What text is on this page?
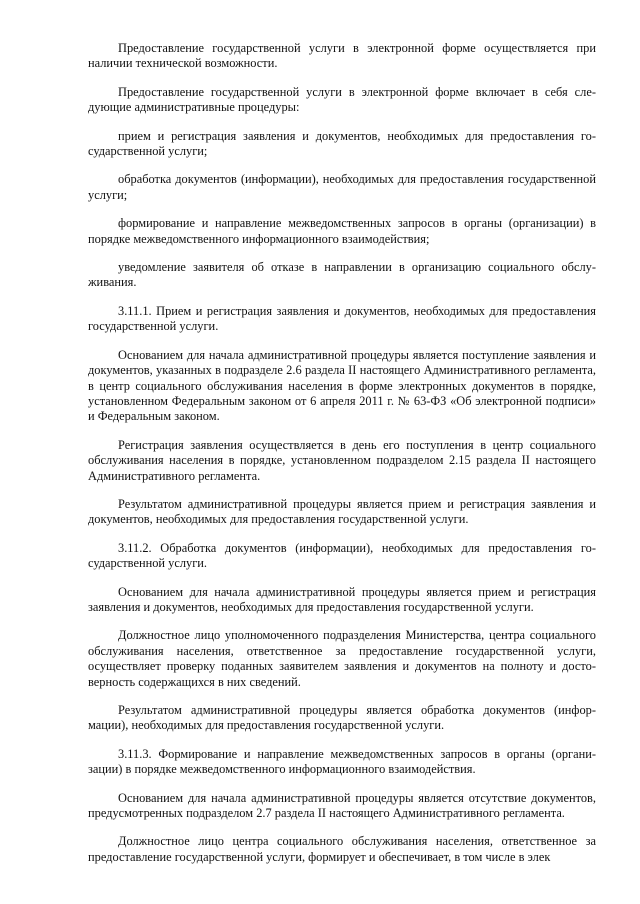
Предоставление государственной услуги в электронной форме осуществляется при наличии технической возможности.

Предоставление государственной услуги в электронной форме включает в себя следующие административные процедуры:

прием и регистрация заявления и документов, необходимых для предоставления государственной услуги;

обработка документов (информации), необходимых для предоставления государственной услуги;

формирование и направление межведомственных запросов в органы (организации) в порядке межведомственного информационного взаимодействия;

уведомление заявителя об отказе в направлении в организацию социального обслуживания.

3.11.1. Прием и регистрация заявления и документов, необходимых для предоставления государственной услуги.

Основанием для начала административной процедуры является поступление заявления и документов, указанных в подразделе 2.6 раздела II настоящего Административного регламента, в центр социального обслуживания населения в форме электронных документов в порядке, установленном Федеральным законом от 6 апреля 2011 г. № 63-ФЗ «Об электронной подписи» и Федеральным законом.

Регистрация заявления осуществляется в день его поступления в центр социального обслуживания населения в порядке, установленном подразделом 2.15 раздела II настоящего Административного регламента.

Результатом административной процедуры является прием и регистрация заявления и документов, необходимых для предоставления государственной услуги.

3.11.2. Обработка документов (информации), необходимых для предоставления государственной услуги.

Основанием для начала административной процедуры является прием и регистрация заявления и документов, необходимых для предоставления государственной услуги.

Должностное лицо уполномоченного подразделения Министерства, центра социального обслуживания населения, ответственное за предоставление государственной услуги, осуществляет проверку поданных заявителем заявления и документов на полноту и достоверность содержащихся в них сведений.

Результатом административной процедуры является обработка документов (информации), необходимых для предоставления государственной услуги.

3.11.3. Формирование и направление межведомственных запросов в органы (организации) в порядке межведомственного информационного взаимодействия.

Основанием для начала административной процедуры является отсутствие документов, предусмотренных подразделом 2.7 раздела II настоящего Административного регламента.

Должностное лицо центра социального обслуживания населения, ответственное за предоставление государственной услуги, формирует и обеспечивает, в том числе в элек
